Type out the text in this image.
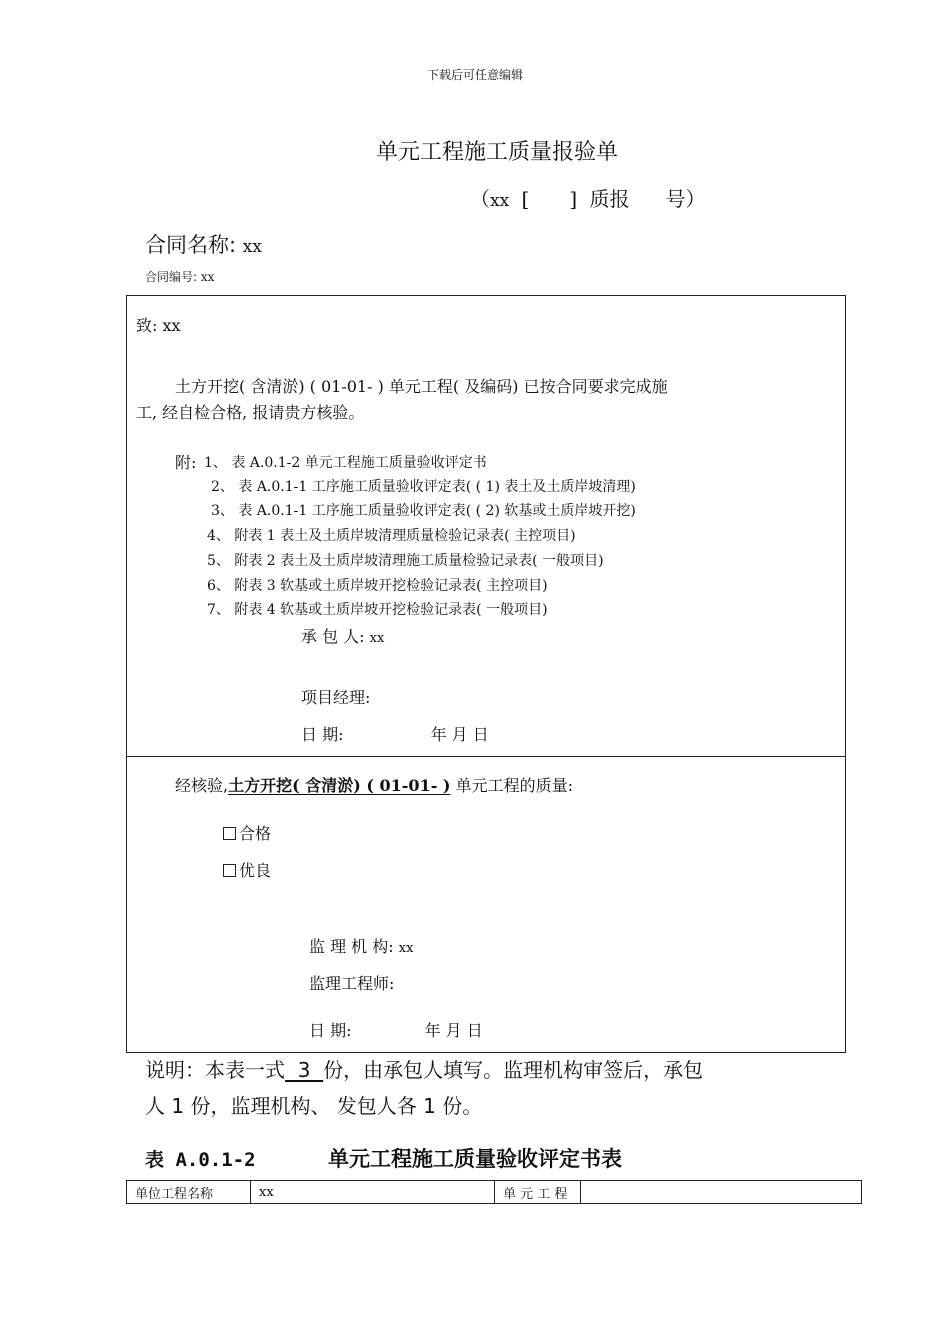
下载后可任意编辑
单元工程施工质量报验单
（xx [ ] 质报 号）
合同名称: xx
合同编号: xx
致: xx
土方开挖( 含清淤) ( 01-01- ) 单元工程( 及编码) 已按合同要求完成施
工, 经自检合格, 报请贵方核验。
附: 1、 表 A.0.1-2 单元工程施工质量验收评定书
2、 表 A.0.1-1 工序施工质量验收评定表( ( 1) 表土及土质岸坡清理)
3、 表 A.0.1-1 工序施工质量验收评定表( ( 2) 软基或土质岸坡开挖)
4、 附表 1 表土及土质岸坡清理质量检验记录表( 主控项目)
5、 附表 2 表土及土质岸坡清理施工质量检验记录表( 一般项目)
6、 附表 3 软基或土质岸坡开挖检验记录表( 主控项目)
7、 附表 4 软基或土质岸坡开挖检验记录表( 一般项目)
承 包 人: xx
项目经理:
日 期:	年 月 日
经核验,土方开挖( 含清淤) ( 01-01- ) 单元工程的质量:
合格
优良
监 理 机 构: xx
监理工程师:
日 期:	年 月 日
说明：本表一式  3  份，由承包人填写。监理机构审签后，承包
人 1 份，监理机构、 发包人各 1 份。
表 A.0.1-2	单元工程施工质量验收评定书表
单位工程名称	xx	单 元 工 程	
